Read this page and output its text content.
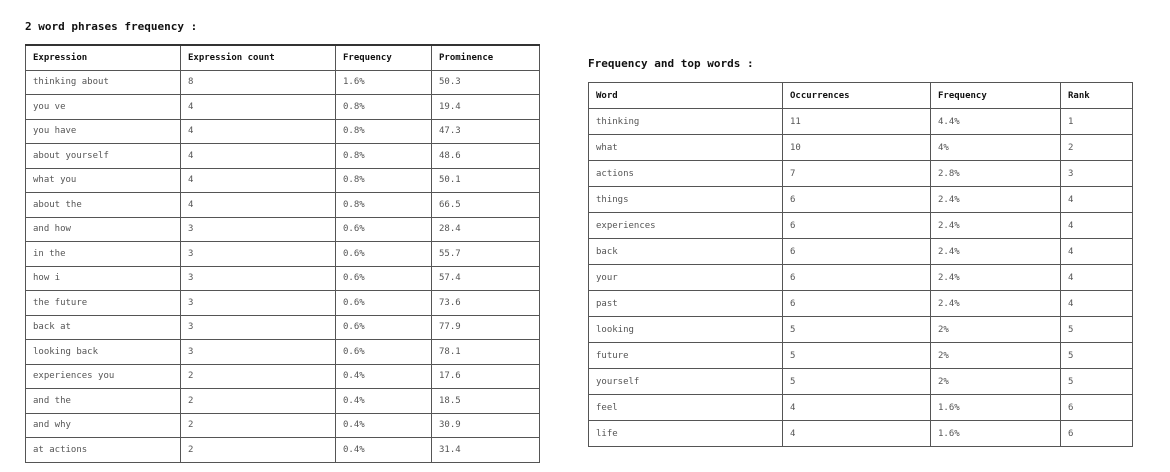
2 word phrases frequency :
Expression	Expression count	Frequency	Prominence
thinking about	8	1.6%	50.3
you ve	4	0.8%	19.4
you have	4	0.8%	47.3
about yourself	4	0.8%	48.6
what you	4	0.8%	50.1
about the	4	0.8%	66.5
and how	3	0.6%	28.4
in the	3	0.6%	55.7
how i	3	0.6%	57.4
the future	3	0.6%	73.6
back at	3	0.6%	77.9
looking back	3	0.6%	78.1
experiences you	2	0.4%	17.6
and the	2	0.4%	18.5
and why	2	0.4%	30.9
at actions	2	0.4%	31.4
Frequency and top words :
Word	Occurrences	Frequency	Rank
thinking	11	4.4%	1
what	10	4%	2
actions	7	2.8%	3
things	6	2.4%	4
experiences	6	2.4%	4
back	6	2.4%	4
your	6	2.4%	4
past	6	2.4%	4
looking	5	2%	5
future	5	2%	5
yourself	5	2%	5
feel	4	1.6%	6
life	4	1.6%	6
